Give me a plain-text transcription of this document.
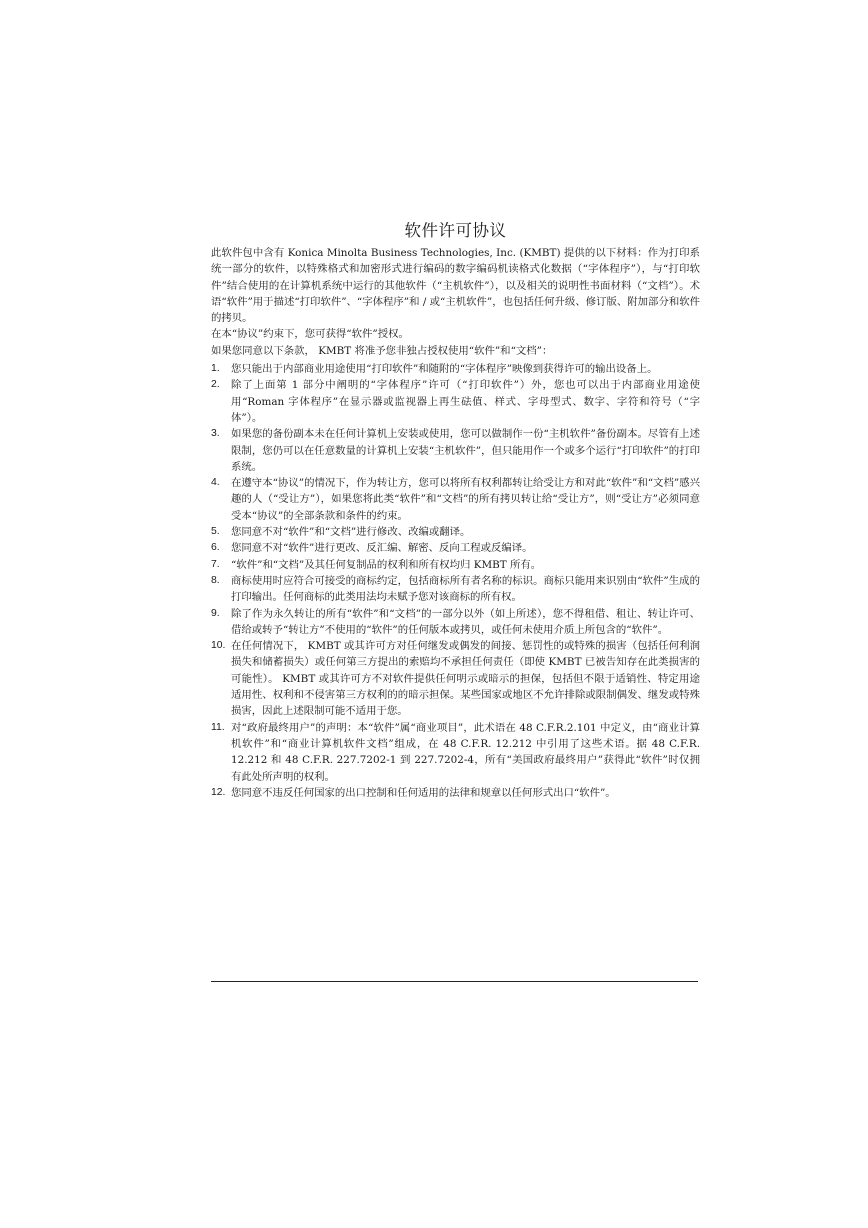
软件许可协议

此软件包中含有 Konica Minolta Business Technologies, Inc. (KMBT) 提供的以下材料：作为打印系统一部分的软件，以特殊格式和加密形式进行编码的数字编码机读格式化数据（“字体程序”），与“打印软件”结合使用的在计算机系统中运行的其他软件（“主机软件”），以及相关的说明性书面材料（“文档”）。术语“软件”用于描述“打印软件”、“字体程序”和 / 或“主机软件”，也包括任何升级、修订版、附加部分和软件的拷贝。

在本“协议”约束下，您可获得“软件”授权。

如果您同意以下条款， KMBT 将准予您非独占授权使用“软件”和“文档”：

1. 您只能出于内部商业用途使用“打印软件”和随附的“字体程序”映像到获得许可的输出设备上。
2. 除了上面第 1 部分中阐明的“字体程序”许可（“打印软件”）外，您也可以出于内部商业用途使用“Roman 字体程序”在显示器或监视器上再生砝值、样式、字母型式、数字、字符和符号（“字体”）。
3. 如果您的备份副本未在任何计算机上安装或使用，您可以做制作一份“主机软件”备份副本。尽管有上述限制，您仍可以在任意数量的计算机上安装“主机软件”，但只能用作一个或多个运行“打印软件”的打印系统。
4. 在遵守本“协议”的情况下，作为转让方，您可以将所有权利都转让给受让方和对此“软件”和“文档”感兴趣的人（“受让方”），如果您将此类“软件”和“文档”的所有拷贝转让给“受让方”，则“受让方”必须同意受本“协议”的全部条款和条件的约束。
5. 您同意不对“软件”和“文档”进行修改、改编或翻译。
6. 您同意不对“软件”进行更改、反汇编、解密、反向工程或反编译。
7. “软件”和“文档”及其任何复制品的权利和所有权均归 KMBT 所有。
8. 商标使用时应符合可接受的商标约定，包括商标所有者名称的标识。商标只能用来识别由“软件”生成的打印输出。任何商标的此类用法均未赋予您对该商标的所有权。
9. 除了作为永久转让的所有“软件”和“文档”的一部分以外（如上所述），您不得租借、租让、转让许可、借给或转予“转让方”不使用的“软件”的任何版本或拷贝，或任何未使用介质上所包含的“软件”。
10. 在任何情况下， KMBT 或其许可方对任何继发或偶发的间接、惩罚性的或特殊的损害（包括任何利润损失和储蓄损失）或任何第三方提出的索赔均不承担任何责任（即使 KMBT 已被告知存在此类损害的可能性）。 KMBT 或其许可方不对软件提供任何明示或暗示的担保，包括但不限于适销性、特定用途适用性、权利和不侵害第三方权利的的暗示担保。某些国家或地区不允许排除或限制偶发、继发或特殊损害，因此上述限制可能不适用于您。
11. 对“政府最终用户”的声明：本“软件”属“商业项目”，此术语在 48 C.F.R.2.101 中定义，由“商业计算机软件”和“商业计算机软件文档”组成，在 48 C.F.R. 12.212 中引用了这些术语。据 48 C.F.R. 12.212 和 48 C.F.R. 227.7202-1 到 227.7202-4，所有“美国政府最终用户”获得此“软件”时仅拥有此处所声明的权利。
12. 您同意不违反任何国家的出口控制和任何适用的法律和规章以任何形式出口“软件”。
